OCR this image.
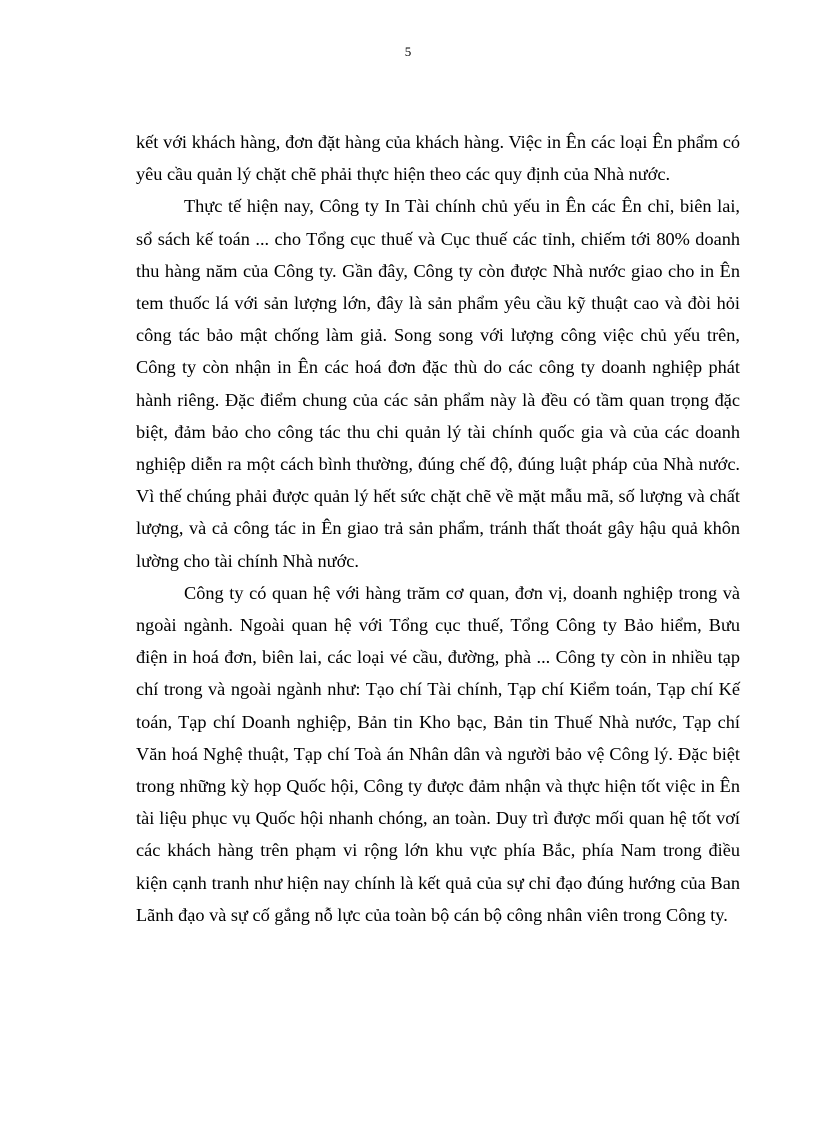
5

kết với khách hàng, đơn đặt hàng của khách hàng. Việc in Ên các loại Ên phẩm có yêu cầu quản lý chặt chẽ phải thực hiện theo các quy định của Nhà nước.

Thực tế hiện nay, Công ty In Tài chính chủ yếu in Ên các Ên chỉ, biên lai, sổ sách kế toán ... cho Tổng cục thuế và Cục thuế các tỉnh, chiếm tới 80% doanh thu hàng năm của Công ty. Gần đây, Công ty còn được Nhà nước giao cho in Ên tem thuốc lá với sản lượng lớn, đây là sản phẩm yêu cầu kỹ thuật cao và đòi hỏi công tác bảo mật chống làm giả. Song song với lượng công việc chủ yếu trên, Công ty còn nhận in Ên các hoá đơn đặc thù do các công ty doanh nghiệp phát hành riêng. Đặc điểm chung của các sản phẩm này là đều có tầm quan trọng đặc biệt, đảm bảo cho công tác thu chi quản lý tài chính quốc gia và của các doanh nghiệp diễn ra một cách bình thường, đúng chế độ, đúng luật pháp của Nhà nước. Vì thế chúng phải được quản lý hết sức chặt chẽ về mặt mẫu mã, số lượng và chất lượng, và cả công tác in Ên giao trả sản phẩm, tránh thất thoát gây hậu quả khôn lường cho tài chính Nhà nước.

Công ty có quan hệ với hàng trăm cơ quan, đơn vị, doanh nghiệp trong và ngoài ngành. Ngoài quan hệ với Tổng cục thuế, Tổng Công ty Bảo hiểm, Bưu điện in hoá đơn, biên lai, các loại vé cầu, đường, phà ... Công ty còn in nhiều tạp chí trong và ngoài ngành như: Tạo chí Tài chính, Tạp chí Kiểm toán, Tạp chí Kế toán, Tạp chí Doanh nghiệp, Bản tin Kho bạc, Bản tin Thuế Nhà nước, Tạp chí Văn hoá Nghệ thuật, Tạp chí Toà án Nhân dân và người bảo vệ Công lý. Đặc biệt trong những kỳ họp Quốc hội, Công ty được đảm nhận và thực hiện tốt việc in Ên tài liệu phục vụ Quốc hội nhanh chóng, an toàn. Duy trì được mối quan hệ tốt vơí các khách hàng trên phạm vi rộng lớn khu vực phía Bắc, phía Nam trong điều kiện cạnh tranh như hiện nay chính là kết quả của sự chỉ đạo đúng hướng của Ban Lãnh đạo và sự cố gắng nỗ lực của toàn bộ cán bộ công nhân viên trong Công ty.
